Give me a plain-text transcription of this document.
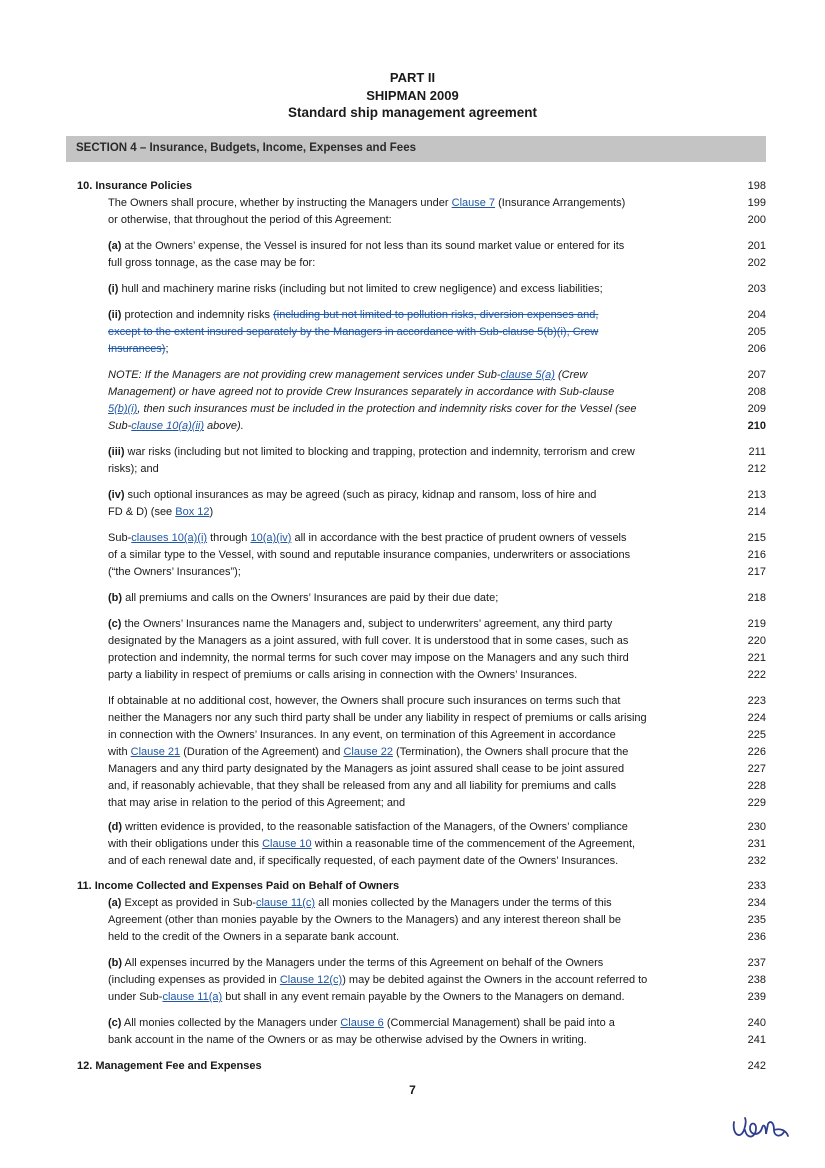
PART II
SHIPMAN 2009
Standard ship management agreement
SECTION 4 – Insurance, Budgets, Income, Expenses and Fees
10. Insurance Policies	198
The Owners shall procure, whether by instructing the Managers under Clause 7 (Insurance Arrangements)	199
or otherwise, that throughout the period of this Agreement:	200
(a) at the Owners’ expense, the Vessel is insured for not less than its sound market value or entered for its	201
full gross tonnage, as the case may be for:	202
(i) hull and machinery marine risks (including but not limited to crew negligence) and excess liabilities;	203
(ii) protection and indemnity risks (including but not limited to pollution risks, diversion expenses and,	204
except to the extent insured separately by the Managers in accordance with Sub-clause 5(b)(i), Crew	205
Insurances);	206
NOTE: If the Managers are not providing crew management services under Sub-clause 5(a) (Crew	207
Management) or have agreed not to provide Crew Insurances separately in accordance with Sub-clause	208
5(b)(i), then such insurances must be included in the protection and indemnity risks cover for the Vessel (see	209
Sub-clause 10(a)(ii) above).	210
(iii) war risks (including but not limited to blocking and trapping, protection and indemnity, terrorism and crew	211
risks); and	212
(iv) such optional insurances as may be agreed (such as piracy, kidnap and ransom, loss of hire and	213
FD & D) (see Box 12)	214
Sub-clauses 10(a)(i) through 10(a)(iv) all in accordance with the best practice of prudent owners of vessels	215
of a similar type to the Vessel, with sound and reputable insurance companies, underwriters or associations	216
(“the Owners’ Insurances”);	217
(b) all premiums and calls on the Owners’ Insurances are paid by their due date;	218
(c) the Owners’ Insurances name the Managers and, subject to underwriters’ agreement, any third party	219
designated by the Managers as a joint assured, with full cover. It is understood that in some cases, such as	220
protection and indemnity, the normal terms for such cover may impose on the Managers and any such third	221
party a liability in respect of premiums or calls arising in connection with the Owners’ Insurances.	222
If obtainable at no additional cost, however, the Owners shall procure such insurances on terms such that	223
neither the Managers nor any such third party shall be under any liability in respect of premiums or calls arising	224
in connection with the Owners’ Insurances. In any event, on termination of this Agreement in accordance	225
with Clause 21 (Duration of the Agreement) and Clause 22 (Termination), the Owners shall procure that the	226
Managers and any third party designated by the Managers as joint assured shall cease to be joint assured	227
and, if reasonably achievable, that they shall be released from any and all liability for premiums and calls	228
that may arise in relation to the period of this Agreement; and	229
(d) written evidence is provided, to the reasonable satisfaction of the Managers, of the Owners’ compliance	230
with their obligations under this Clause 10 within a reasonable time of the commencement of the Agreement,	231
and of each renewal date and, if specifically requested, of each payment date of the Owners’ Insurances.	232
11. Income Collected and Expenses Paid on Behalf of Owners	233
(a) Except as provided in Sub-clause 11(c) all monies collected by the Managers under the terms of this	234
Agreement (other than monies payable by the Owners to the Managers) and any interest thereon shall be	235
held to the credit of the Owners in a separate bank account.	236
(b) All expenses incurred by the Managers under the terms of this Agreement on behalf of the Owners	237
(including expenses as provided in Clause 12(c)) may be debited against the Owners in the account referred to	238
under Sub-clause 11(a) but shall in any event remain payable by the Owners to the Managers on demand.	239
(c) All monies collected by the Managers under Clause 6 (Commercial Management) shall be paid into a	240
bank account in the name of the Owners or as may be otherwise advised by the Owners in writing.	241
12. Management Fee and Expenses	242
7
